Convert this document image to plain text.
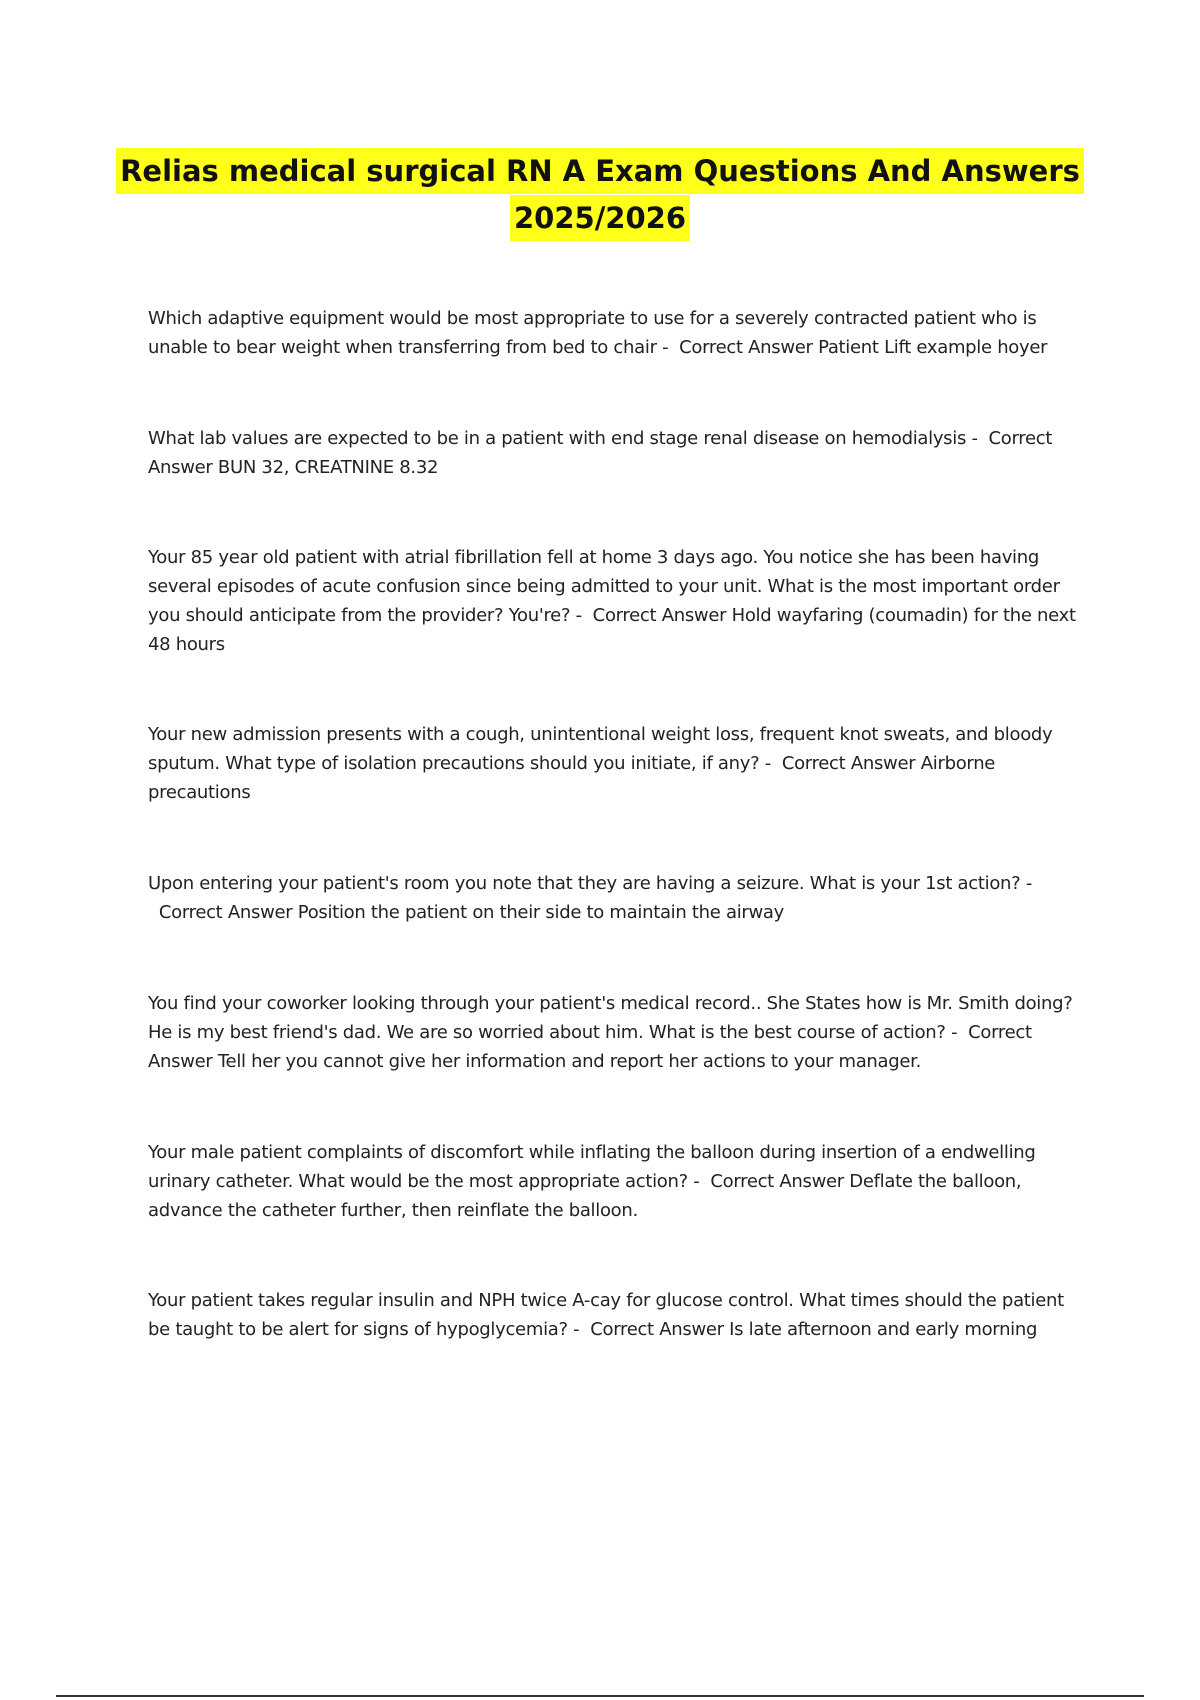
Relias medical surgical RN A Exam Questions And Answers
2025/2026

Which adaptive equipment would be most appropriate to use for a severely contracted patient who is unable to bear weight when transferring from bed to chair - Correct Answer Patient Lift example hoyer

What lab values are expected to be in a patient with end stage renal disease on hemodialysis - Correct Answer BUN 32, CREATNINE 8.32

Your 85 year old patient with atrial fibrillation fell at home 3 days ago. You notice she has been having several episodes of acute confusion since being admitted to your unit. What is the most important order you should anticipate from the provider? You're? - Correct Answer Hold wayfaring (coumadin) for the next 48 hours

Your new admission presents with a cough, unintentional weight loss, frequent knot sweats, and bloody sputum. What type of isolation precautions should you initiate, if any? - Correct Answer Airborne precautions

Upon entering your patient's room you note that they are having a seizure. What is your 1st action? -  Correct Answer Position the patient on their side to maintain the airway

You find your coworker looking through your patient's medical record.. She States how is Mr. Smith doing? He is my best friend's dad. We are so worried about him. What is the best course of action? - Correct Answer Tell her you cannot give her information and report her actions to your manager.

Your male patient complaints of discomfort while inflating the balloon during insertion of a endwelling urinary catheter. What would be the most appropriate action? - Correct Answer Deflate the balloon, advance the catheter further, then reinflate the balloon.

Your patient takes regular insulin and NPH twice A-cay for glucose control. What times should the patient be taught to be alert for signs of hypoglycemia? - Correct Answer Is late afternoon and early morning
